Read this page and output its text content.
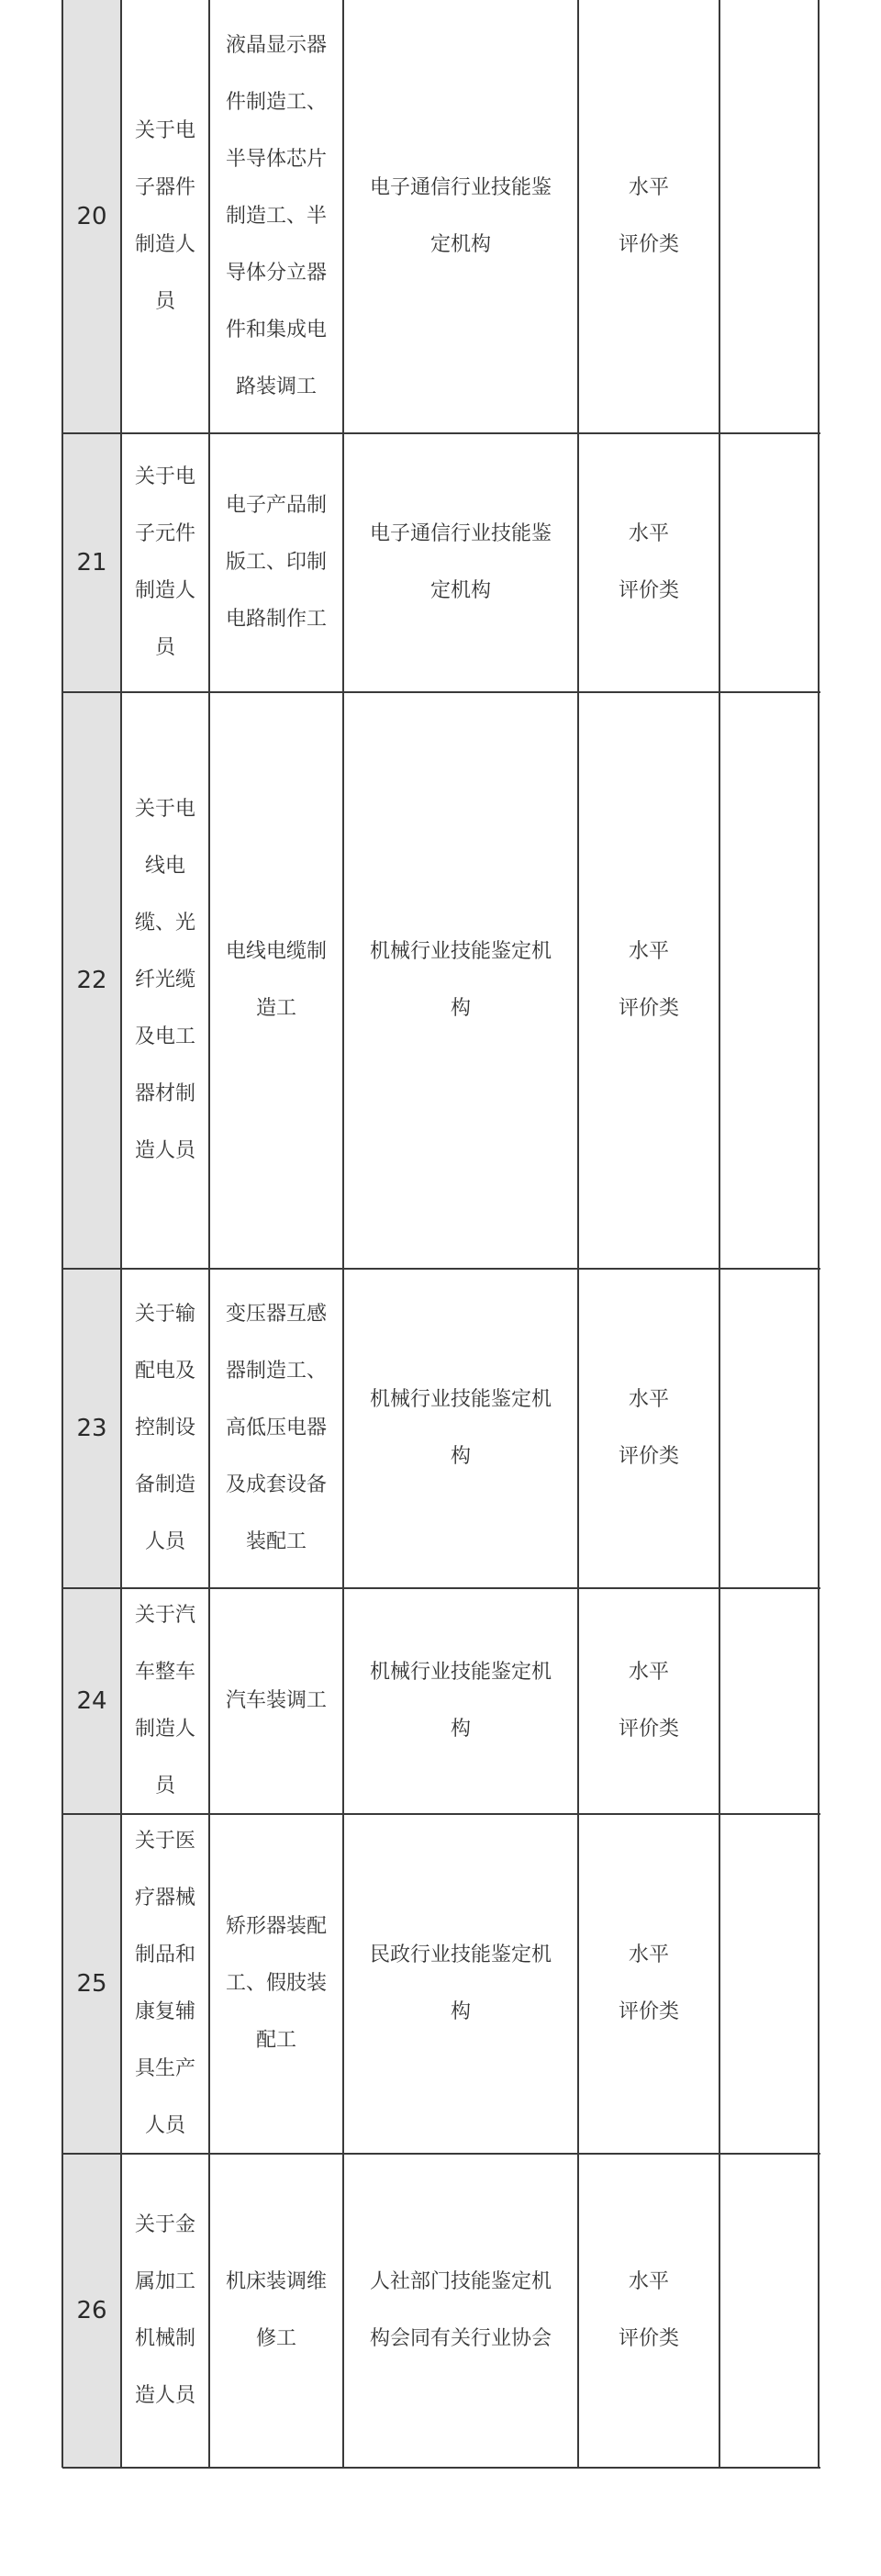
20
关于电
子器件
制造人
员
液晶显示器
件制造工、
半导体芯片
制造工、半
导体分立器
件和集成电
路装调工
电子通信行业技能鉴
定机构
水平
评价类
21
关于电
子元件
制造人
员
电子产品制
版工、印制
电路制作工
电子通信行业技能鉴
定机构
水平
评价类
22
关于电
线电
缆、光
纤光缆
及电工
器材制
造人员
电线电缆制
造工
机械行业技能鉴定机
构
水平
评价类
23
关于输
配电及
控制设
备制造
人员
变压器互感
器制造工、
高低压电器
及成套设备
装配工
机械行业技能鉴定机
构
水平
评价类
24
关于汽
车整车
制造人
员
汽车装调工
机械行业技能鉴定机
构
水平
评价类
25
关于医
疗器械
制品和
康复辅
具生产
人员
矫形器装配
工、假肢装
配工
民政行业技能鉴定机
构
水平
评价类
26
关于金
属加工
机械制
造人员
机床装调维
修工
人社部门技能鉴定机
构会同有关行业协会
水平
评价类
